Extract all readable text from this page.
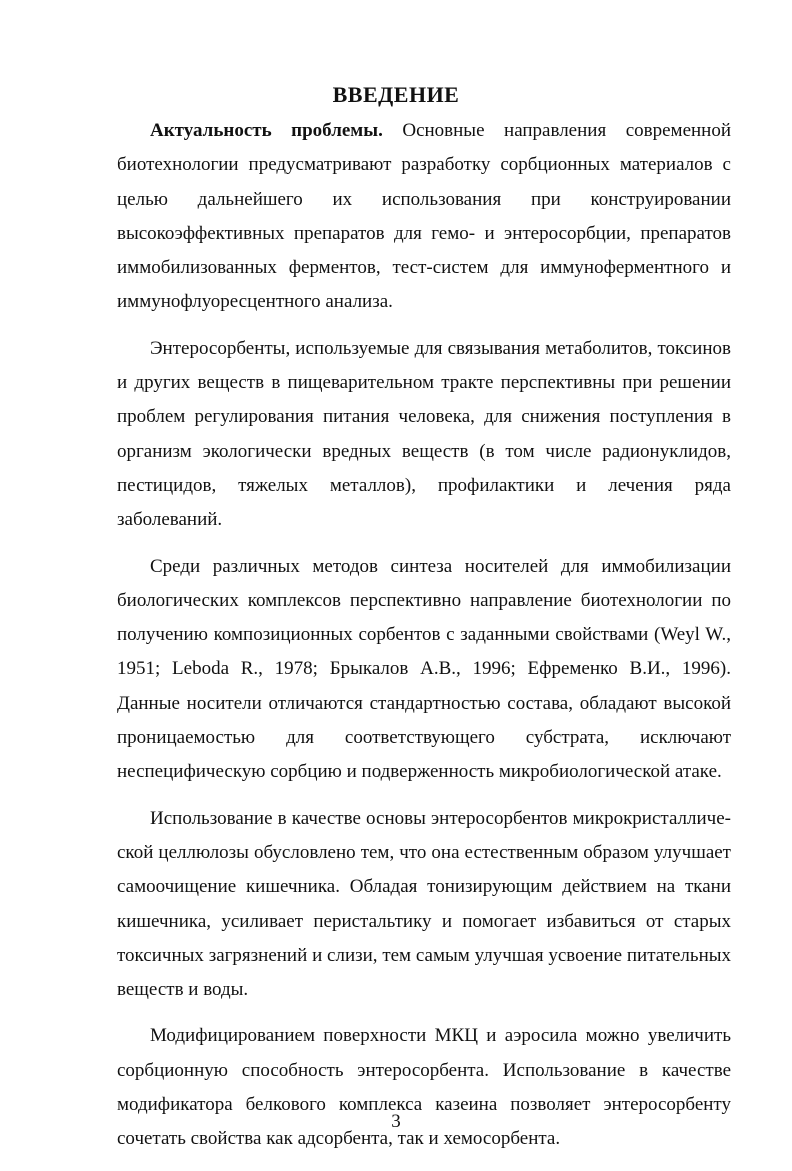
ВВЕДЕНИЕ

Актуальность проблемы. Основные направления современной биотехнологии предусматривают разработку сорбционных материалов с целью дальнейшего их использования при конструировании высокоэффективных препаратов для гемо- и энтеросорбции, препаратов иммобилизованных ферментов, тест-систем для иммуноферментного и иммунофлуоресцентного анализа.

Энтеросорбенты, используемые для связывания метаболитов, токсинов и других веществ в пищеварительном тракте перспективны при решении проблем регулирования питания человека, для снижения поступления в организм экологически вредных веществ (в том числе радионуклидов, пестицидов, тяжелых металлов), профилактики и лечения ряда заболеваний.

Среди различных методов синтеза носителей для иммобилизации биологических комплексов перспективно направление биотехнологии по получению композиционных сорбентов с заданными свойствами (Weyl W., 1951; Leboda R., 1978; Брыкалов А.В., 1996; Ефременко В.И., 1996). Данные носители отличаются стандартностью состава, обладают высокой проницаемостью для соответствующего субстрата, исключают неспецифическую сорбцию и подверженность микробиологической атаке.

Использование в качестве основы энтеросорбентов микрокристаллической целлюлозы обусловлено тем, что она естественным образом улучшает самоочищение кишечника. Обладая тонизирующим действием на ткани кишечника, усиливает перистальтику и помогает избавиться от старых токсичных загрязнений и слизи, тем самым улучшая усвоение питательных веществ и воды.

Модифицированием поверхности МКЦ и аэросила можно увеличить сорбционную способность энтеросорбента. Использование в качестве модификатора белкового комплекса казеина позволяет энтеросорбенту сочетать свойства как адсорбента, так и хемосорбента.

3
